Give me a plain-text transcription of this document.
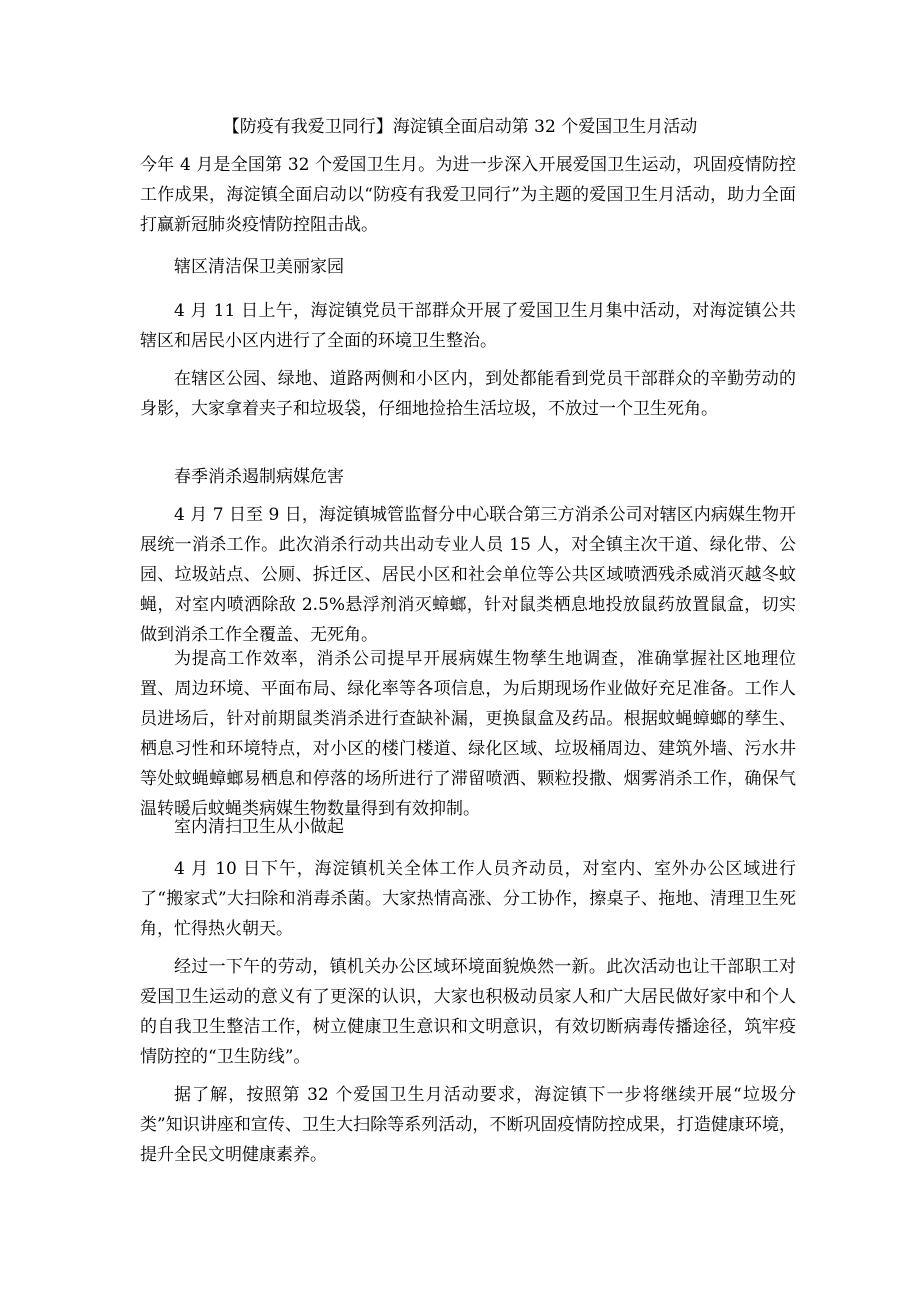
【防疫有我爱卫同行】海淀镇全面启动第 32 个爱国卫生月活动

今年 4 月是全国第 32 个爱国卫生月。为进一步深入开展爱国卫生运动，巩固疫情防控工作成果，海淀镇全面启动以“防疫有我爱卫同行”为主题的爱国卫生月活动，助力全面打赢新冠肺炎疫情防控阻击战。

辖区清洁保卫美丽家园

4 月 11 日上午，海淀镇党员干部群众开展了爱国卫生月集中活动，对海淀镇公共辖区和居民小区内进行了全面的环境卫生整治。

在辖区公园、绿地、道路两侧和小区内，到处都能看到党员干部群众的辛勤劳动的身影，大家拿着夹子和垃圾袋，仔细地捡拾生活垃圾，不放过一个卫生死角。

春季消杀遏制病媒危害

4 月 7 日至 9 日，海淀镇城管监督分中心联合第三方消杀公司对辖区内病媒生物开展统一消杀工作。此次消杀行动共出动专业人员 15 人，对全镇主次干道、绿化带、公园、垃圾站点、公厕、拆迁区、居民小区和社会单位等公共区域喷洒残杀威消灭越冬蚊蝇，对室内喷洒除敌 2.5%悬浮剂消灭蟑螂，针对鼠类栖息地投放鼠药放置鼠盒，切实做到消杀工作全覆盖、无死角。

为提高工作效率，消杀公司提早开展病媒生物孳生地调查，准确掌握社区地理位置、周边环境、平面布局、绿化率等各项信息，为后期现场作业做好充足准备。工作人员进场后，针对前期鼠类消杀进行查缺补漏，更换鼠盒及药品。根据蚊蝇蟑螂的孳生、栖息习性和环境特点，对小区的楼门楼道、绿化区域、垃圾桶周边、建筑外墙、污水井等处蚊蝇蟑螂易栖息和停落的场所进行了滞留喷洒、颗粒投撒、烟雾消杀工作，确保气温转暖后蚊蝇类病媒生物数量得到有效抑制。

室内清扫卫生从小做起

4 月 10 日下午，海淀镇机关全体工作人员齐动员，对室内、室外办公区域进行了“搬家式”大扫除和消毒杀菌。大家热情高涨、分工协作，擦桌子、拖地、清理卫生死角，忙得热火朝天。

经过一下午的劳动，镇机关办公区域环境面貌焕然一新。此次活动也让干部职工对爱国卫生运动的意义有了更深的认识，大家也积极动员家人和广大居民做好家中和个人的自我卫生整洁工作，树立健康卫生意识和文明意识，有效切断病毒传播途径，筑牢疫情防控的“卫生防线”。

据了解，按照第 32 个爱国卫生月活动要求，海淀镇下一步将继续开展“垃圾分类”知识讲座和宣传、卫生大扫除等系列活动，不断巩固疫情防控成果，打造健康环境，提升全民文明健康素养。
